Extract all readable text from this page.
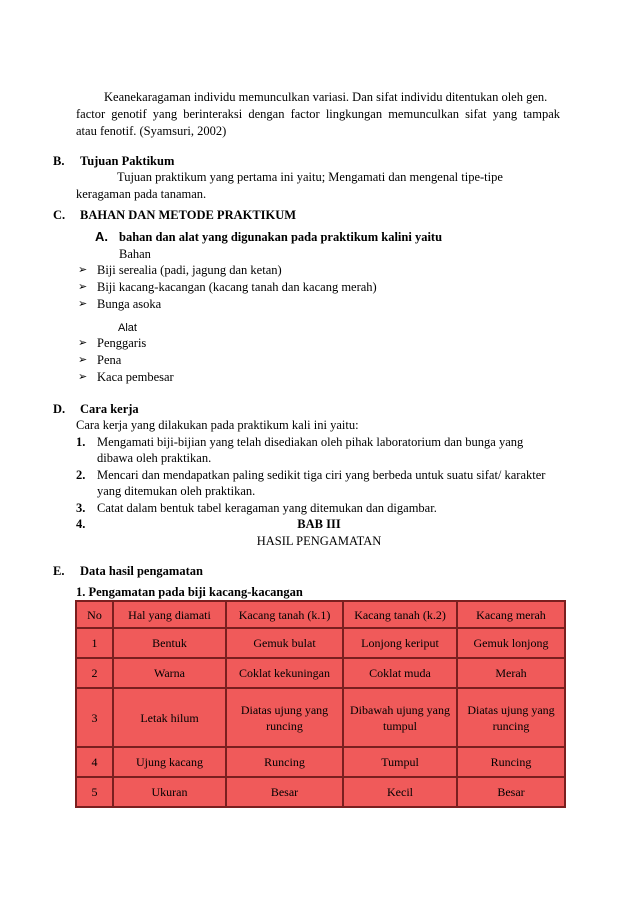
Keanekaragaman individu memunculkan variasi. Dan sifat individu ditentukan oleh gen.
factor genotif yang berinteraksi dengan factor lingkungan memunculkan sifat yang tampak
atau fenotif. (Syamsuri, 2002)
B. Tujuan Paktikum
Tujuan praktikum yang pertama ini yaitu; Mengamati dan mengenal tipe-tipe
keragaman pada tanaman.
C. BAHAN DAN METODE PRAKTIKUM
A. bahan dan alat yang digunakan pada praktikum kalini yaitu
Bahan
➢ Biji serealia (padi, jagung dan ketan)
➢ Biji kacang-kacangan (kacang tanah dan kacang merah)
➢ Bunga asoka
Alat
➢ Penggaris
➢ Pena
➢ Kaca pembesar
D. Cara kerja
Cara kerja yang dilakukan pada praktikum kali ini yaitu:
1. Mengamati biji-bijian yang telah disediakan oleh pihak laboratorium dan bunga yang
dibawa oleh praktikan.
2. Mencari dan mendapatkan paling sedikit tiga ciri yang berbeda untuk suatu sifat/ karakter
yang ditemukan oleh praktikan.
3. Catat dalam bentuk tabel keragaman yang ditemukan dan digambar.
4.	BAB III
HASIL PENGAMATAN
E. Data hasil pengamatan
1. Pengamatan pada biji kacang-kacangan
No	Hal yang diamati	Kacang tanah (k.1)	Kacang tanah (k.2)	Kacang merah
1	Bentuk	Gemuk bulat	Lonjong keriput	Gemuk lonjong
2	Warna	Coklat kekuningan	Coklat muda	Merah
3	Letak hilum	Diatas ujung yang runcing	Dibawah ujung yang tumpul	Diatas ujung yang runcing
4	Ujung kacang	Runcing	Tumpul	Runcing
5	Ukuran	Besar	Kecil	Besar
